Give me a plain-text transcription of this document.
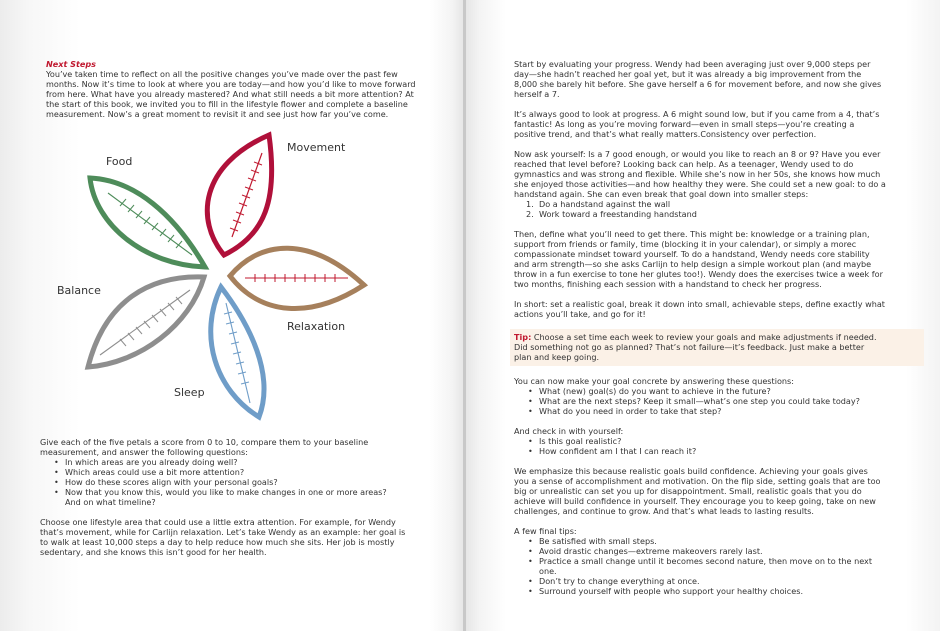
Next Steps

You’ve taken time to reflect on all the positive changes you’ve made over the past few

months. Now it’s time to look at where you are today—and how you’d like to move forward

from here. What have you already mastered? And what still needs a bit more attention? At

the start of this book, we invited you to fill in the lifestyle flower and complete a baseline

measurement. Now’s a great moment to revisit it and see just how far you’ve come.

Food
Movement
Balance
Relaxation
Sleep

Give each of the five petals a score from 0 to 10, compare them to your baseline

measurement, and answer the following questions:

• In which areas are you already doing well?
• Which areas could use a bit more attention?
• How do these scores align with your personal goals?
• Now that you know this, would you like to make changes in one or more areas?
And on what timeline?

Choose one lifestyle area that could use a little extra attention. For example, for Wendy

that’s movement, while for Carlijn relaxation. Let’s take Wendy as an example: her goal is

to walk at least 10,000 steps a day to help reduce how much she sits. Her job is mostly

sedentary, and she knows this isn’t good for her health.

Start by evaluating your progress. Wendy had been averaging just over 9,000 steps per

day—she hadn’t reached her goal yet, but it was already a big improvement from the

8,000 she barely hit before. She gave herself a 6 for movement before, and now she gives

herself a 7.

It’s always good to look at progress. A 6 might sound low, but if you came from a 4, that’s

fantastic! As long as you’re moving forward—even in small steps—you’re creating a

positive trend, and that’s what really matters.Consistency over perfection.

Now ask yourself: Is a 7 good enough, or would you like to reach an 8 or 9? Have you ever

reached that level before? Looking back can help. As a teenager, Wendy used to do

gymnastics and was strong and flexible. While she’s now in her 50s, she knows how much

she enjoyed those activities—and how healthy they were. She could set a new goal: to do a

handstand again. She can even break that goal down into smaller steps:

1. Do a handstand against the wall
2. Work toward a freestanding handstand

Then, define what you’ll need to get there. This might be: knowledge or a training plan,

support from friends or family, time (blocking it in your calendar), or simply a morec

compassionate mindset toward yourself. To do a handstand, Wendy needs core stability

and arm strength—so she asks Carlijn to help design a simple workout plan (and maybe

throw in a fun exercise to tone her glutes too!). Wendy does the exercises twice a week for

two months, finishing each session with a handstand to check her progress.

In short: set a realistic goal, break it down into small, achievable steps, define exactly what

actions you’ll take, and go for it!

Tip: Choose a set time each week to review your goals and make adjustments if needed.

Did something not go as planned? That’s not failure—it’s feedback. Just make a better

plan and keep going.

You can now make your goal concrete by answering these questions:

• What (new) goal(s) do you want to achieve in the future?
• What are the next steps? Keep it small—what’s one step you could take today?
• What do you need in order to take that step?

And check in with yourself:

• Is this goal realistic?
• How confident am I that I can reach it?

We emphasize this because realistic goals build confidence. Achieving your goals gives

you a sense of accomplishment and motivation. On the flip side, setting goals that are too

big or unrealistic can set you up for disappointment. Small, realistic goals that you do

achieve will build confidence in yourself. They encourage you to keep going, take on new

challenges, and continue to grow. And that’s what leads to lasting results.

A few final tips:

• Be satisfied with small steps.
• Avoid drastic changes—extreme makeovers rarely last.
• Practice a small change until it becomes second nature, then move on to the next
one.
• Don’t try to change everything at once.
• Surround yourself with people who support your healthy choices.
